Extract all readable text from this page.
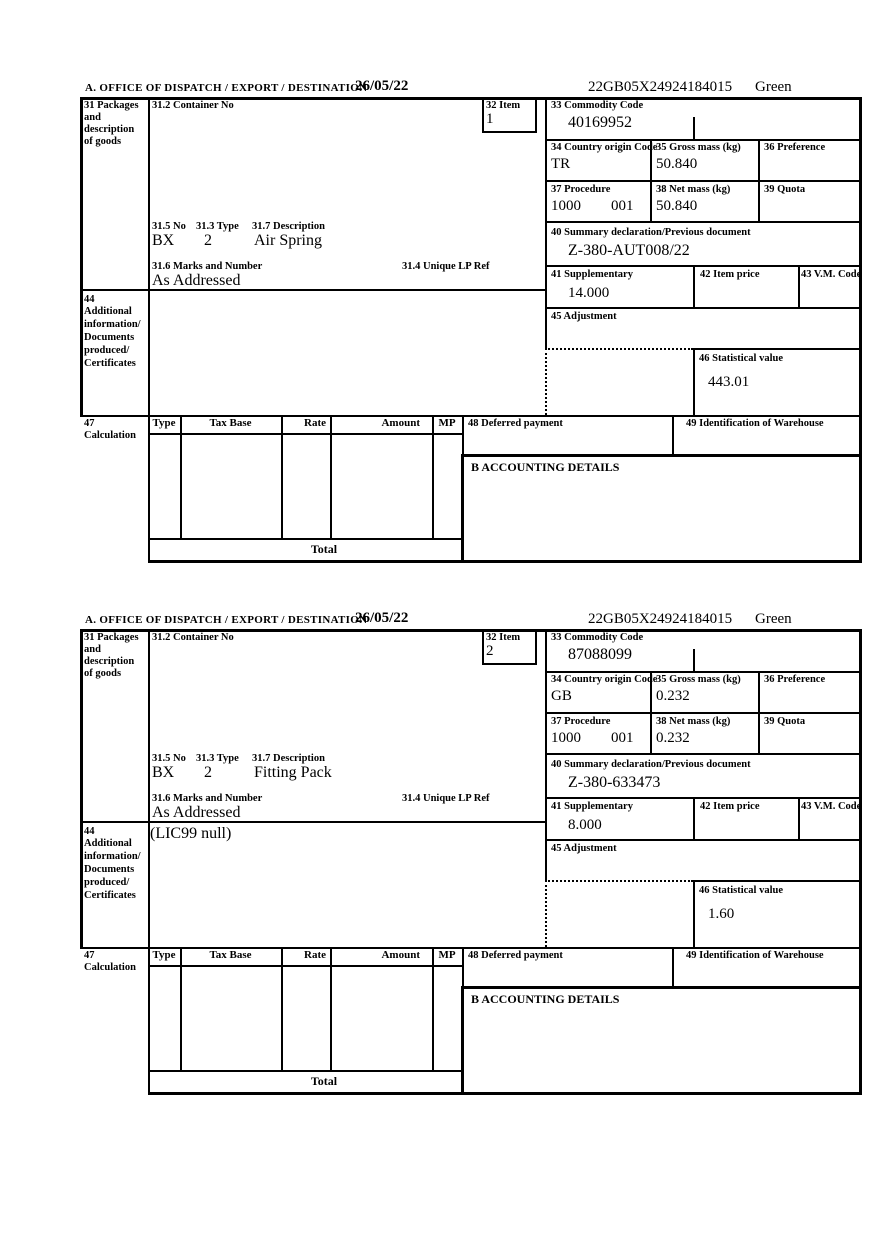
A. OFFICE OF DISPATCH / EXPORT / DESTINATION
26/05/22	22GB05X24924184015 Green
31 Packages
and
description
of goods
31.2 Container No	32 Item
1
33 Commodity Code
40169952
34 Country origin Code
TR
35 Gross mass (kg)
50.840
36 Preference
37 Procedure
1000 001
38 Net mass (kg)
50.840
39 Quota
40 Summary declaration/Previous document
Z-380-AUT008/22
41 Supplementary
14.000
42 Item price	43 V.M. Code
45 Adjustment
46 Statistical value
443.01
31.5 No 31.3 Type 31.7 Description
BX 2	Air Spring
31.6 Marks and Number	31.4 Unique LP Ref
As Addressed
44
Additional
information/
Documents
produced/
Certificates
47
Calculation
Type	Tax Base	Rate	Amount	MP
Total
48 Deferred payment	49 Identification of Warehouse
B ACCOUNTING DETAILS
A. OFFICE OF DISPATCH / EXPORT / DESTINATION
26/05/22	22GB05X24924184015 Green
31 Packages
and
description
of goods
31.2 Container No	32 Item
2
33 Commodity Code
87088099
34 Country origin Code
GB
35 Gross mass (kg)
0.232
36 Preference
37 Procedure
1000 001
38 Net mass (kg)
0.232
39 Quota
40 Summary declaration/Previous document
Z-380-633473
41 Supplementary
8.000
42 Item price	43 V.M. Code
45 Adjustment
46 Statistical value
1.60
31.5 No 31.3 Type 31.7 Description
BX 2	Fitting Pack
31.6 Marks and Number	31.4 Unique LP Ref
As Addressed
44
Additional
information/
Documents
produced/
Certificates
(LIC99 null)
47
Calculation
Type	Tax Base	Rate	Amount	MP
Total
48 Deferred payment	49 Identification of Warehouse
B ACCOUNTING DETAILS
